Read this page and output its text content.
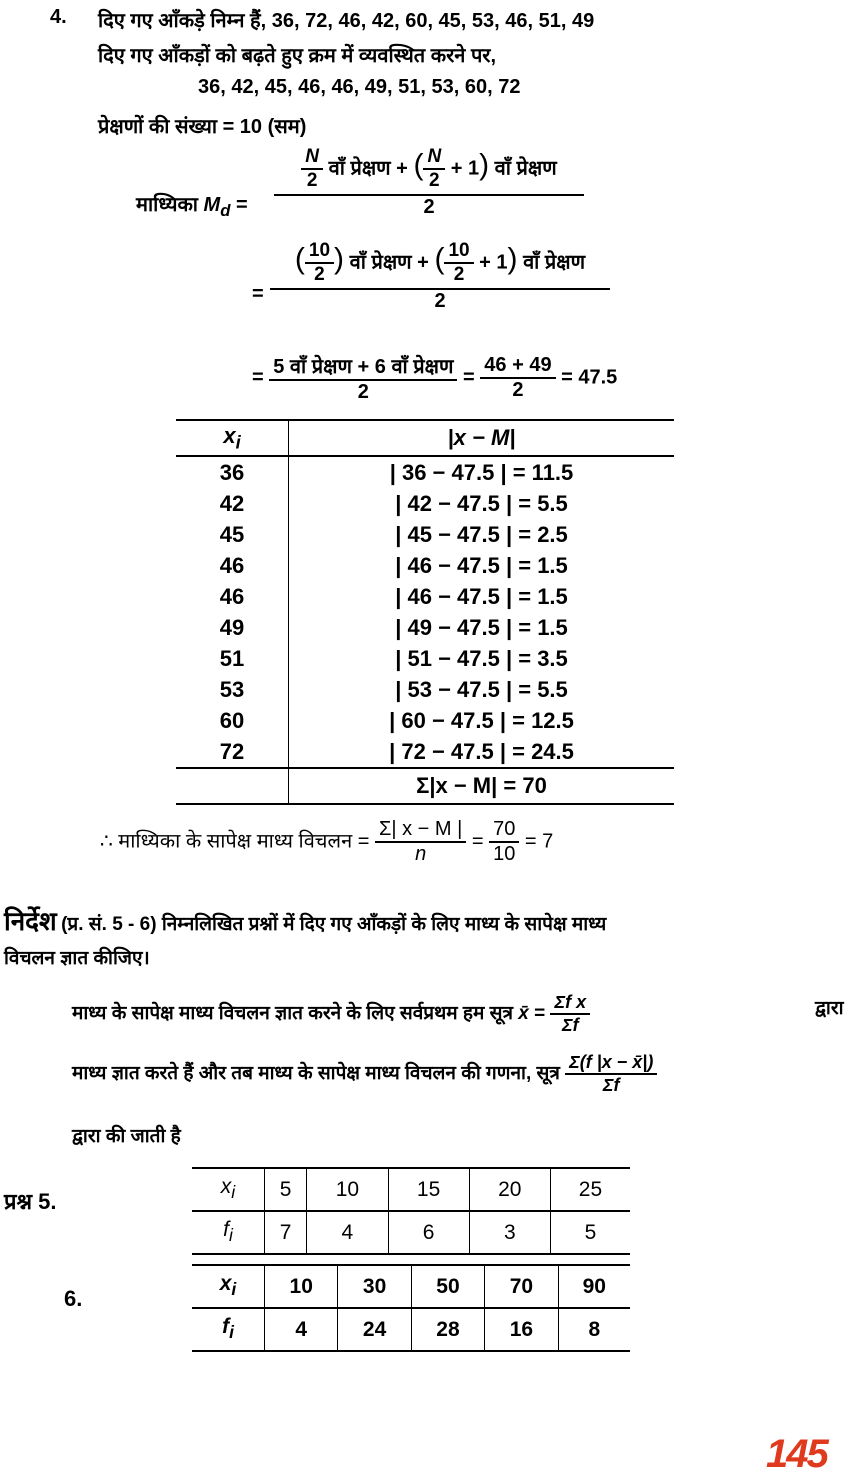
4. दिए गए आँकड़े निम्न हैं, 36, 72, 46, 42, 60, 45, 53, 46, 51, 49
दिए गए आँकड़ों को बढ़ते हुए क्रम में व्यवस्थित करने पर,
36, 42, 45, 46, 46, 49, 51, 53, 60, 72
प्रेक्षणों की संख्या = 10 (सम)
माध्यिका $M_d$ =
$\frac{N}{2}$ वाँ प्रेक्षण + ( $\frac{N}{2} + 1$) वाँ प्रेक्षण
2
=
( $\frac{10}{2}$ ) वाँ प्रेक्षण + ( $\frac{10}{2} + 1$) वाँ प्रेक्षण
2
= $\frac{\text{5 वाँ प्रेक्षण + 6 वाँ प्रेक्षण}}{2} = \frac{46 + 49}{2} = 47.5$
$x_i$	|x − M|
36	| 36 − 47.5 | = 11.5
42	| 42 − 47.5 | = 5.5
45	| 45 − 47.5 | = 2.5
46	| 46 − 47.5 | = 1.5
46	| 46 − 47.5 | = 1.5
49	| 49 − 47.5 | = 1.5
51	| 51 − 47.5 | = 3.5
53	| 53 − 47.5 | = 5.5
60	| 60 − 47.5 | = 12.5
72	| 72 − 47.5 | = 24.5
	Σ|x − M| = 70
∴ माध्यिका के सापेक्ष माध्य विचलन = $\frac{\Sigma| x - M |}{n} = \frac{70}{10} = 7$
निर्देश (प्र. सं. 5 - 6) निम्नलिखित प्रश्नों में दिए गए आँकड़ों के लिए माध्य के सापेक्ष माध्य
विचलन ज्ञात कीजिए।
माध्य के सापेक्ष माध्य विचलन ज्ञात करने के लिए सर्वप्रथम हम सूत्र x̄ = $\frac{\text{Σf x}}{\Sigma f}$	द्वारा
माध्य ज्ञात करते हैं और तब माध्य के सापेक्ष माध्य विचलन की गणना, सूत्र $\frac{\Sigma(f |x - x̄|)}{\Sigma f}$
द्वारा की जाती है
प्रश्न 5.
$x_i$	5	10	15	20	25
$f_i$	7	4	6	3	5
6.
$x_i$	10	30	50	70	90
$f_i$	4	24	28	16	8
145
